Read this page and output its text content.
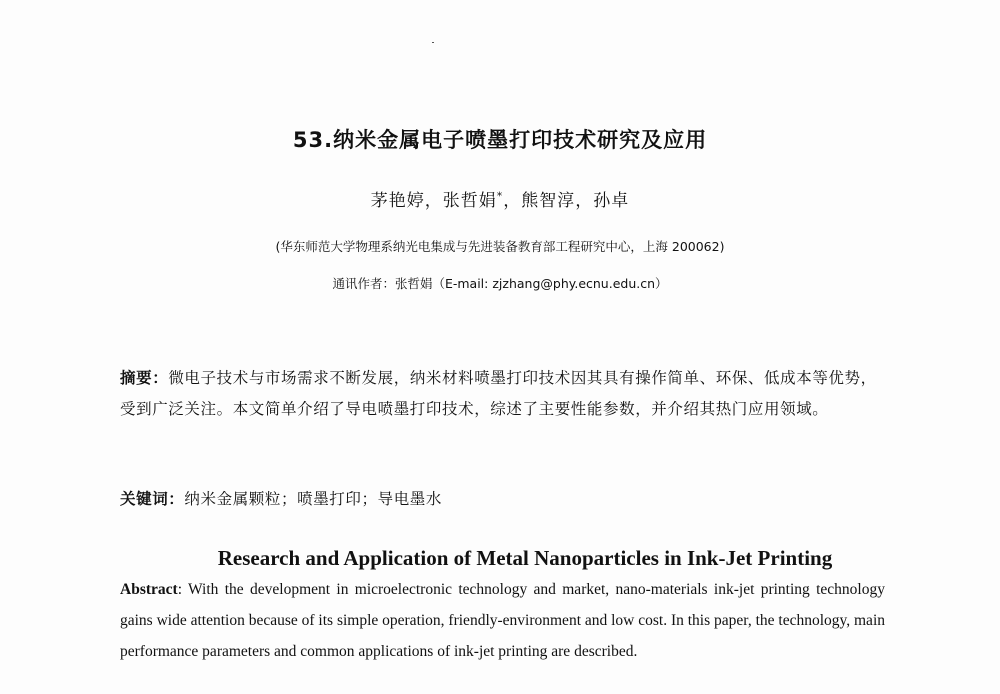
53.纳米金属电子喷墨打印技术研究及应用
茅艳婷，张哲娟*，熊智淳，孙卓
(华东师范大学物理系纳光电集成与先进装备教育部工程研究中心，上海 200062)
通讯作者：张哲娟（E-mail: zjzhang@phy.ecnu.edu.cn）
摘要：微电子技术与市场需求不断发展，纳米材料喷墨打印技术因其具有操作简单、环保、低成本等优势，受到广泛关注。本文简单介绍了导电喷墨打印技术，综述了主要性能参数，并介绍其热门应用领域。
关键词：纳米金属颗粒；喷墨打印；导电墨水
Research and Application of Metal Nanoparticles in Ink-Jet Printing
Abstract: With the development in microelectronic technology and market, nano-materials ink-jet printing technology gains wide attention because of its simple operation, friendly-environment and low cost. In this paper, the technology, main performance parameters and common applications of ink-jet printing are described.
